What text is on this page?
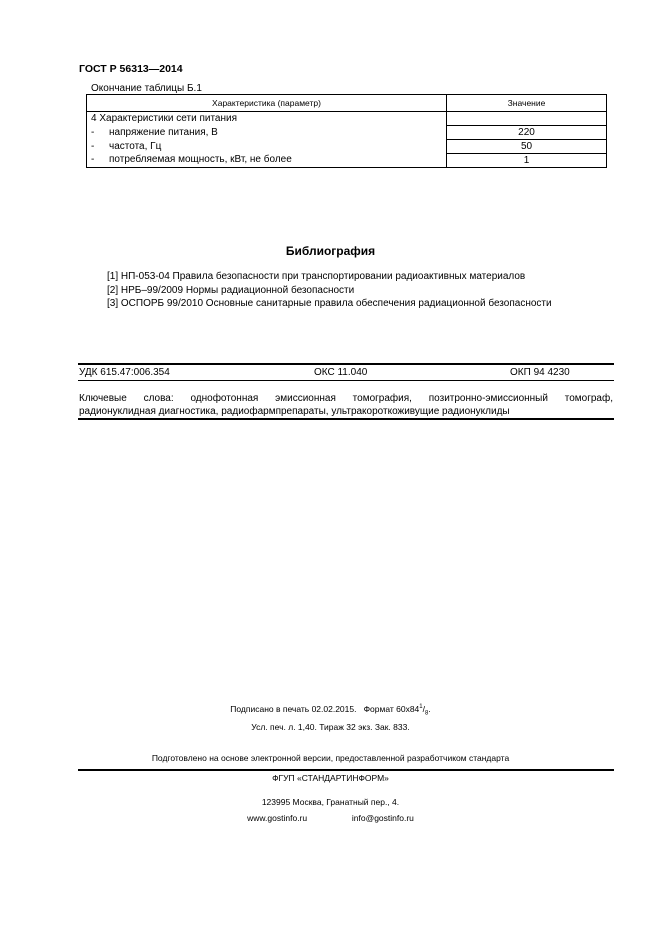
ГОСТ Р 56313—2014
Окончание таблицы Б.1
Характеристика (параметр)	Значение
4 Характеристики сети питания	
- напряжение питания, В	220
- частота, Гц	50
- потребляемая мощность, кВт, не более	1
Библиография
[1] НП-053-04 Правила безопасности при транспортировании радиоактивных материалов
[2] НРБ–99/2009 Нормы радиационной безопасности
[3] ОСПОРБ 99/2010 Основные санитарные правила обеспечения радиационной безопасности
УДК 615.47:006.354	ОКС 11.040	ОКП 94 4230
Ключевые слова: однофотонная эмиссионная томография, позитронно-эмиссионный томограф,
радионуклидная диагностика, радиофармпрепараты, ультракороткоживущие радионуклиды
Подписано в печать 02.02.2015. Формат $60x84^1/_8$.
Усл. печ. л. 1,40. Тираж 32 экз. Зак. 833.
Подготовлено на основе электронной версии, предоставленной разработчиком стандарта
ФГУП «СТАНДАРТИНФОРМ»
123995 Москва, Гранатный пер., 4.
www.gostinfo.ru	info@gostinfo.ru
